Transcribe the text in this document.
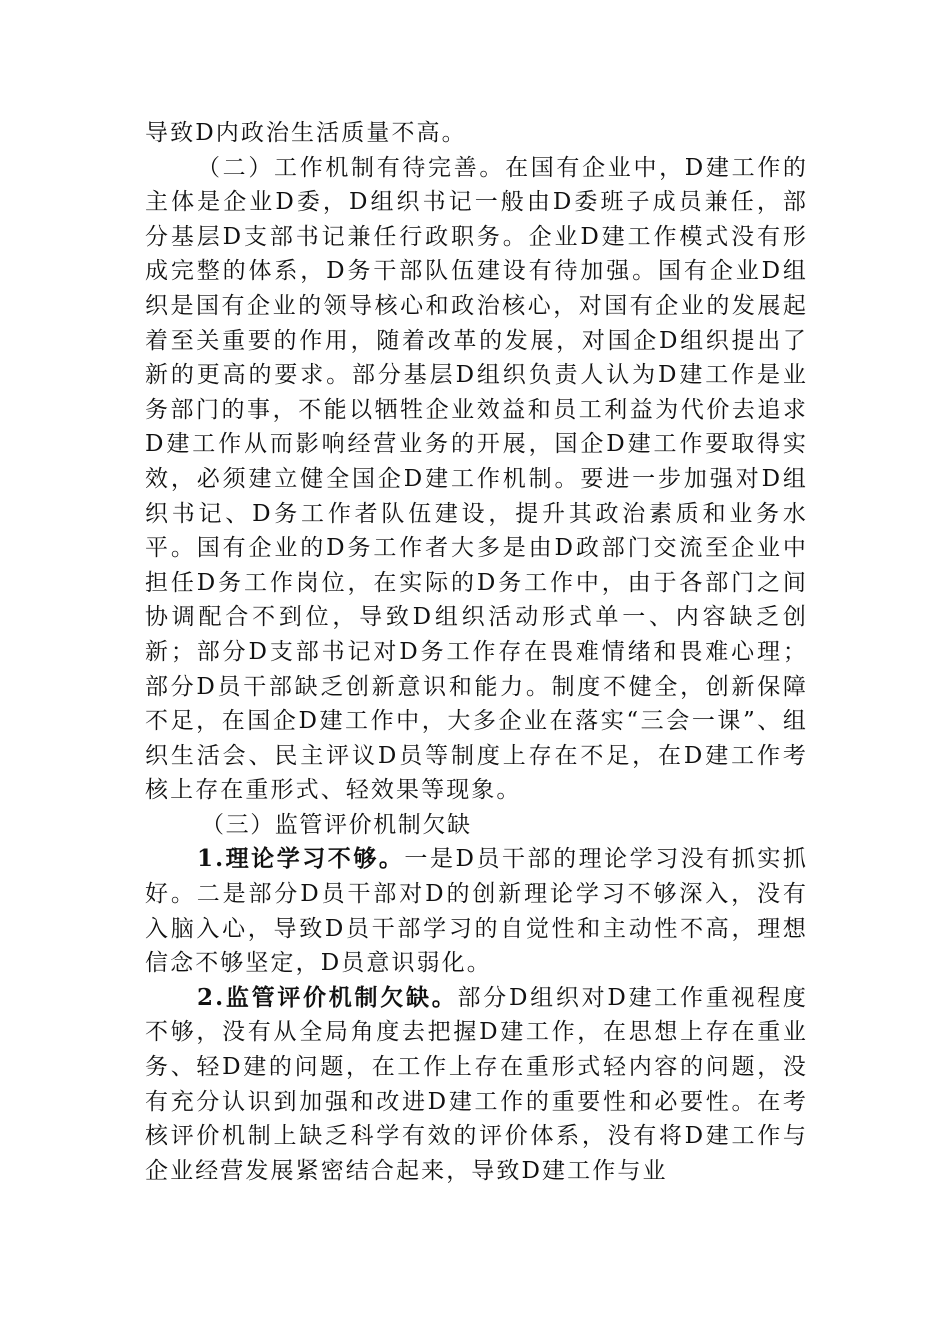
导致D内政治生活质量不高。

（二）工作机制有待完善。在国有企业中，D建工作的主体是企业D委，D组织书记一般由D委班子成员兼任，部分基层D支部书记兼任行政职务。企业D建工作模式没有形成完整的体系，D务干部队伍建设有待加强。国有企业D组织是国有企业的领导核心和政治核心，对国有企业的发展起着至关重要的作用，随着改革的发展，对国企D组织提出了新的更高的要求。部分基层D组织负责人认为D建工作是业务部门的事，不能以牺牲企业效益和员工利益为代价去追求D建工作从而影响经营业务的开展，国企D建工作要取得实效，必须建立健全国企D建工作机制。要进一步加强对D组织书记、D务工作者队伍建设，提升其政治素质和业务水平。国有企业的D务工作者大多是由D政部门交流至企业中担任D务工作岗位，在实际的D务工作中，由于各部门之间协调配合不到位，导致D组织活动形式单一、内容缺乏创新；部分D支部书记对D务工作存在畏难情绪和畏难心理；部分D员干部缺乏创新意识和能力。制度不健全，创新保障不足，在国企D建工作中，大多企业在落实“三会一课”、组织生活会、民主评议D员等制度上存在不足，在D建工作考核上存在重形式、轻效果等现象。

（三）监管评价机制欠缺

1.理论学习不够。一是D员干部的理论学习没有抓实抓好。二是部分D员干部对D的创新理论学习不够深入，没有入脑入心，导致D员干部学习的自觉性和主动性不高，理想信念不够坚定，D员意识弱化。

2.监管评价机制欠缺。部分D组织对D建工作重视程度不够，没有从全局角度去把握D建工作，在思想上存在重业务、轻D建的问题，在工作上存在重形式轻内容的问题，没有充分认识到加强和改进D建工作的重要性和必要性。在考核评价机制上缺乏科学有效的评价体系，没有将D建工作与企业经营发展紧密结合起来，导致D建工作与业
